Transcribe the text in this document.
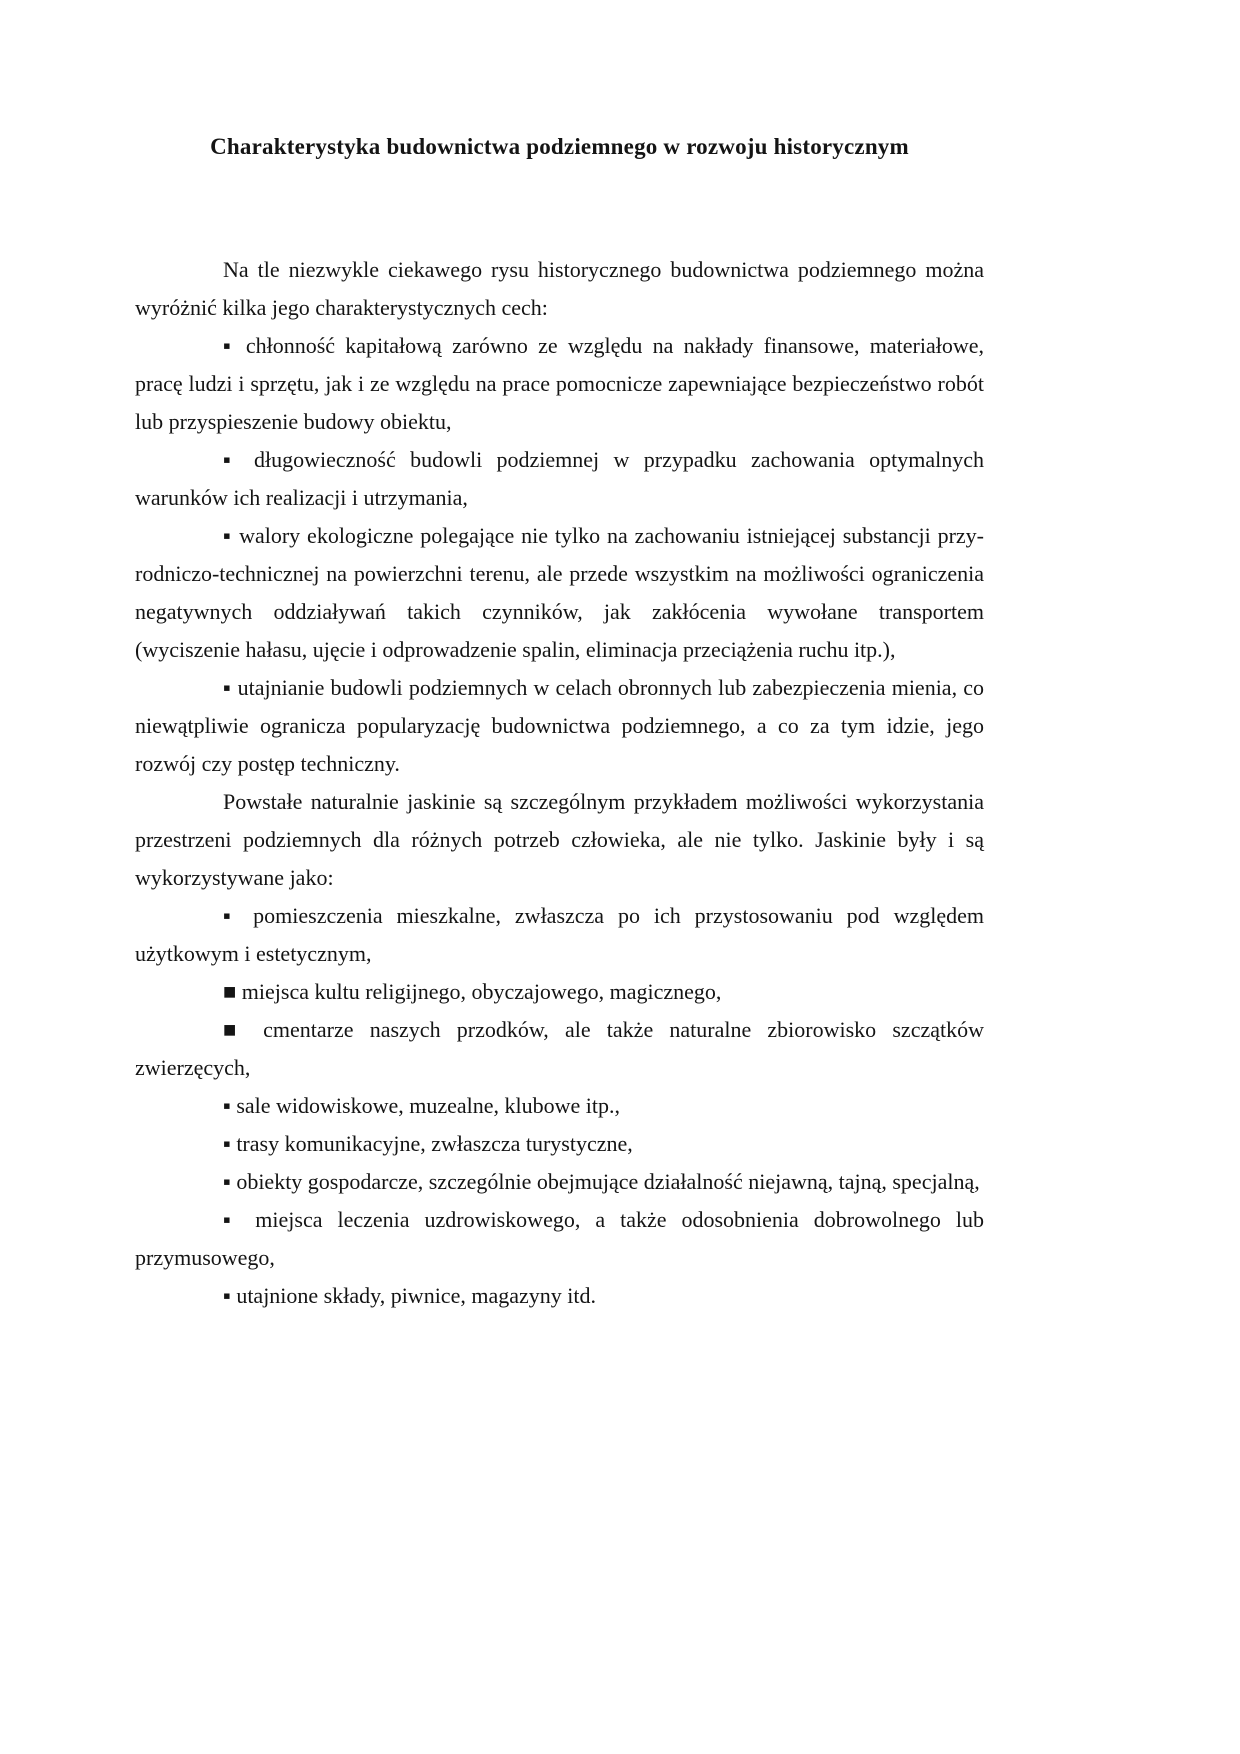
Charakterystyka budownictwa podziemnego w rozwoju historycznym

Na tle niezwykle ciekawego rysu historycznego budownictwa podziemnego można wyróżnić kilka jego charakterystycznych cech:

▪ chłonność kapitałową zarówno ze względu na nakłady finansowe, materiałowe, pracę ludzi i sprzętu, jak i ze względu na prace pomocnicze zapewniające bezpieczeństwo robót lub przyspieszenie budowy obiektu,

▪ długowieczność budowli podziemnej w przypadku zachowania optymalnych warunków ich realizacji i utrzymania,

▪ walory ekologiczne polegające nie tylko na zachowaniu istniejącej substancji przy-rodniczo-technicznej na powierzchni terenu, ale przede wszystkim na możliwości ograniczenia negatywnych oddziaływań takich czynników, jak zakłócenia wywołane transportem (wyciszenie hałasu, ujęcie i odprowadzenie spalin, eliminacja przeciążenia ruchu itp.),

▪ utajnianie budowli podziemnych w celach obronnych lub zabezpieczenia mienia, co niewątpliwie ogranicza popularyzację budownictwa podziemnego, a co za tym idzie, jego rozwój czy postęp techniczny.

Powstałe naturalnie jaskinie są szczególnym przykładem możliwości wykorzystania przestrzeni podziemnych dla różnych potrzeb człowieka, ale nie tylko. Jaskinie były i są wykorzystywane jako:

▪ pomieszczenia mieszkalne, zwłaszcza po ich przystosowaniu pod względem użytkowym i estetycznym,

■ miejsca kultu religijnego, obyczajowego, magicznego,

■ cmentarze naszych przodków, ale także naturalne zbiorowisko szczątków zwierzęcych,

▪ sale widowiskowe, muzealne, klubowe itp.,

▪ trasy komunikacyjne, zwłaszcza turystyczne,

▪ obiekty gospodarcze, szczególnie obejmujące działalność niejawną, tajną, specjalną,

▪ miejsca leczenia uzdrowiskowego, a także odosobnienia dobrowolnego lub przymusowego,

▪ utajnione składy, piwnice, magazyny itd.
